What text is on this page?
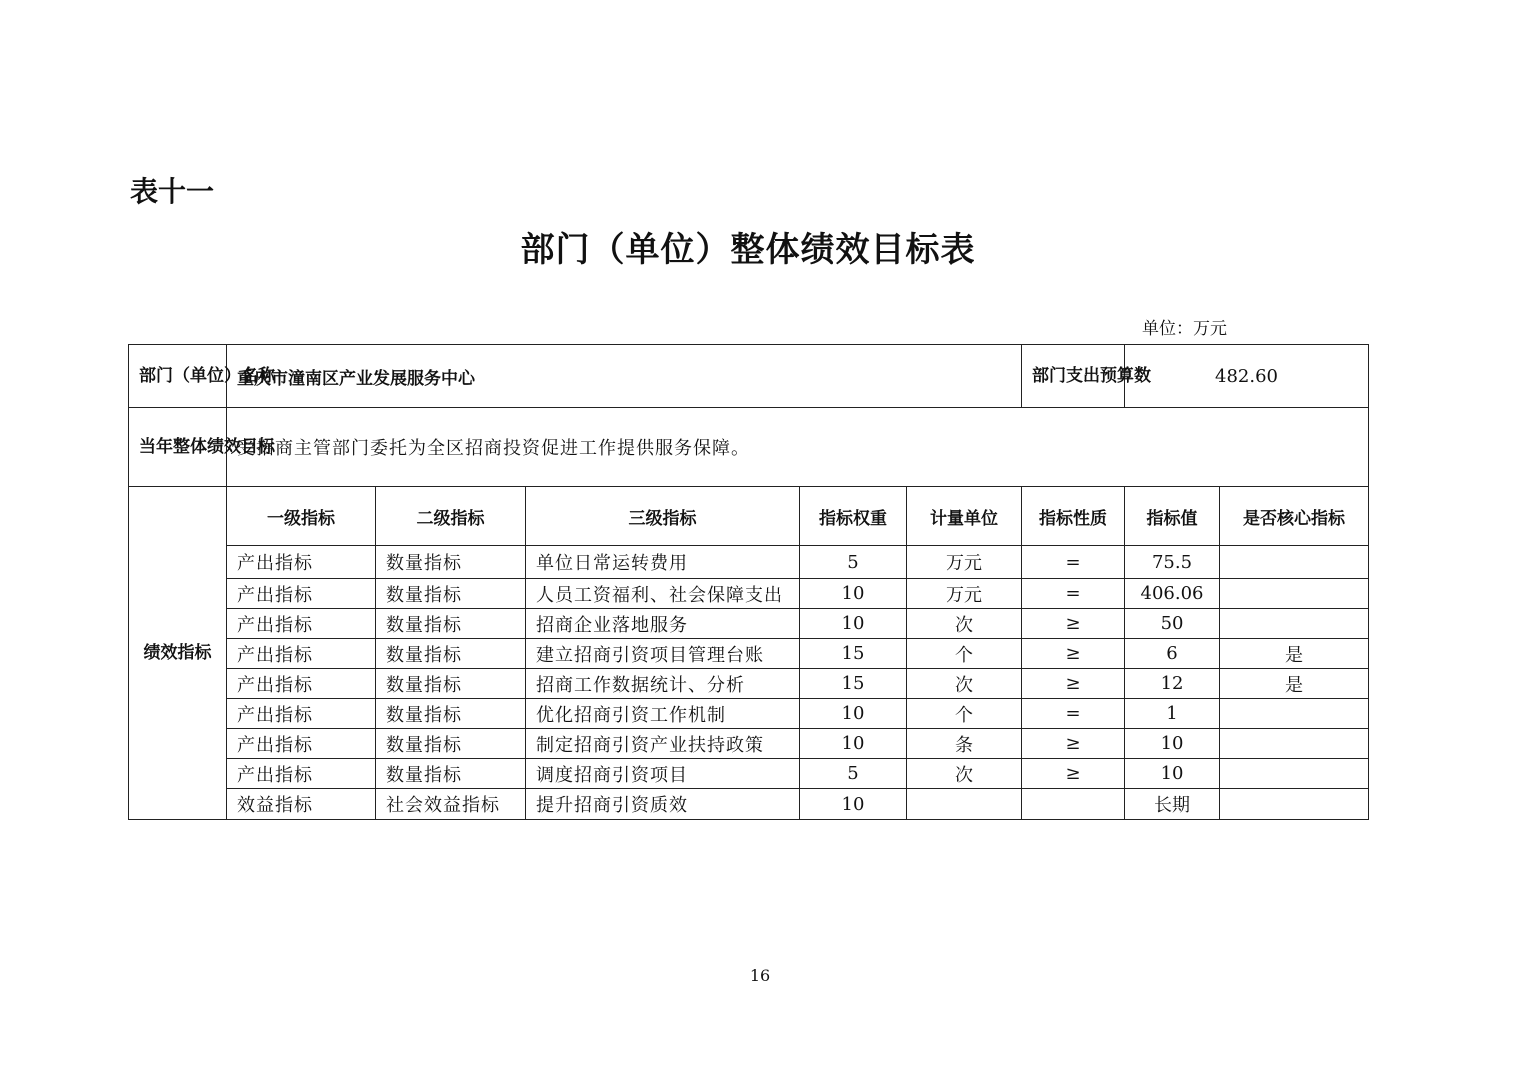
表十一
部门（单位）整体绩效目标表
单位：万元
部门（单位）名称	重庆市潼南区产业发展服务中心					部门支出预算数	482.60	
当年整体绩效目标	受招商主管部门委托为全区招商投资促进工作提供服务保障。							
绩效指标	一级指标	二级指标	三级指标	指标权重	计量单位	指标性质	指标值	是否核心指标
	产出指标	数量指标	单位日常运转费用	5	万元	=	75.5	
	产出指标	数量指标	人员工资福利、社会保障支出	10	万元	=	406.06	
	产出指标	数量指标	招商企业落地服务	10	次	≥	50	
	产出指标	数量指标	建立招商引资项目管理台账	15	个	≥	6	是
	产出指标	数量指标	招商工作数据统计、分析	15	次	≥	12	是
	产出指标	数量指标	优化招商引资工作机制	10	个	=	1	
	产出指标	数量指标	制定招商引资产业扶持政策	10	条	≥	10	
	产出指标	数量指标	调度招商引资项目	5	次	≥	10	
	效益指标	社会效益指标	提升招商引资质效	10			长期	
16
